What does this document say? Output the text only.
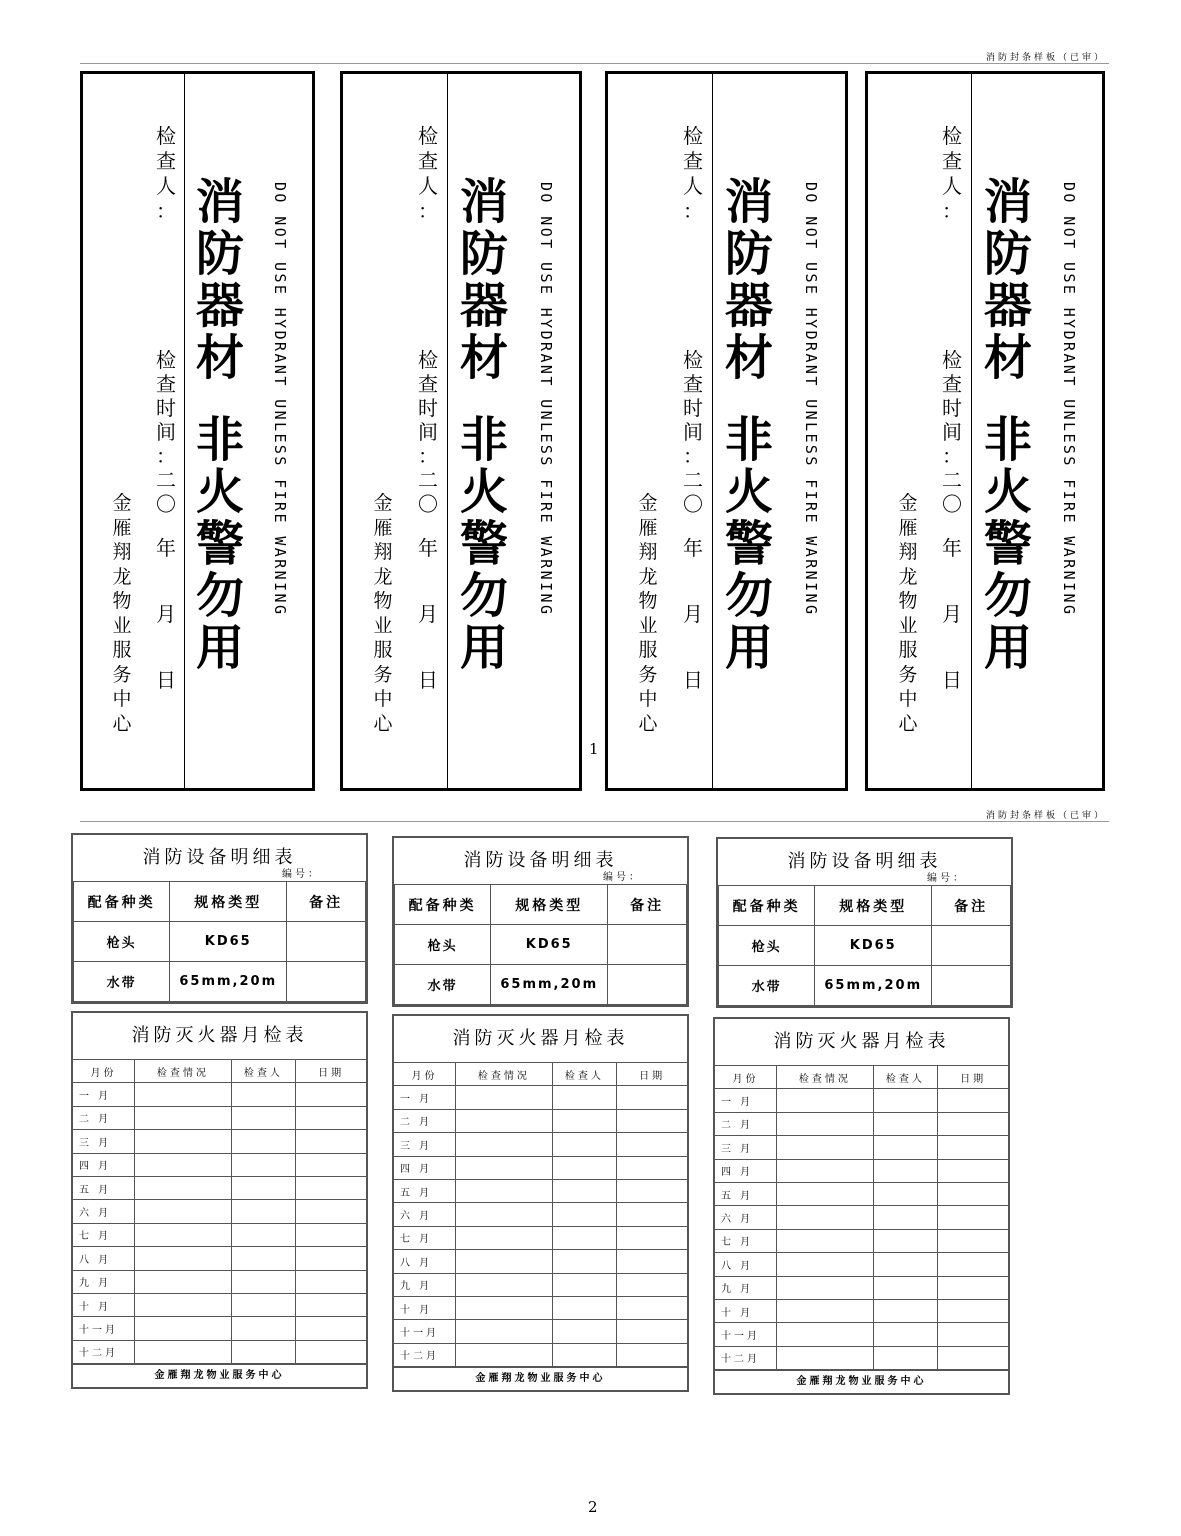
消防封条样板（已审）
DO NOT USE HYDRANT UNLESS FIRE WARNING
消
防
器
材
非
火
警
勿
用
检
查
人
：
检
查
时
间
：
二
〇
年
月
日
金
雁
翔
龙
物
业
服
务
中
心
DO NOT USE HYDRANT UNLESS FIRE WARNING
消
防
器
材
非
火
警
勿
用
检
查
人
：
检
查
时
间
：
二
〇
年
月
日
金
雁
翔
龙
物
业
服
务
中
心
DO NOT USE HYDRANT UNLESS FIRE WARNING
消
防
器
材
非
火
警
勿
用
检
查
人
：
检
查
时
间
：
二
〇
年
月
日
金
雁
翔
龙
物
业
服
务
中
心
DO NOT USE HYDRANT UNLESS FIRE WARNING
消
防
器
材
非
火
警
勿
用
检
查
人
：
检
查
时
间
：
二
〇
年
月
日
金
雁
翔
龙
物
业
服
务
中
心
1
消防封条样板（已审）
消防设备明细表
编号：
配备种类	规格类型	备注
枪头	KD65	
水带	65mm,20m	
消防设备明细表
编号：
配备种类	规格类型	备注
枪头	KD65	
水带	65mm,20m	
消防设备明细表
编号：
配备种类	规格类型	备注
枪头	KD65	
水带	65mm,20m	
消防灭火器月检表
月份	检查情况	检查人	日期
一 月			
二 月			
三 月			
四 月			
五 月			
六 月			
七 月			
八 月			
九 月			
十 月			
十一月			
十二月			
金雁翔龙物业服务中心
消防灭火器月检表
月份	检查情况	检查人	日期
一 月			
二 月			
三 月			
四 月			
五 月			
六 月			
七 月			
八 月			
九 月			
十 月			
十一月			
十二月			
金雁翔龙物业服务中心
消防灭火器月检表
月份	检查情况	检查人	日期
一 月			
二 月			
三 月			
四 月			
五 月			
六 月			
七 月			
八 月			
九 月			
十 月			
十一月			
十二月			
金雁翔龙物业服务中心
2
